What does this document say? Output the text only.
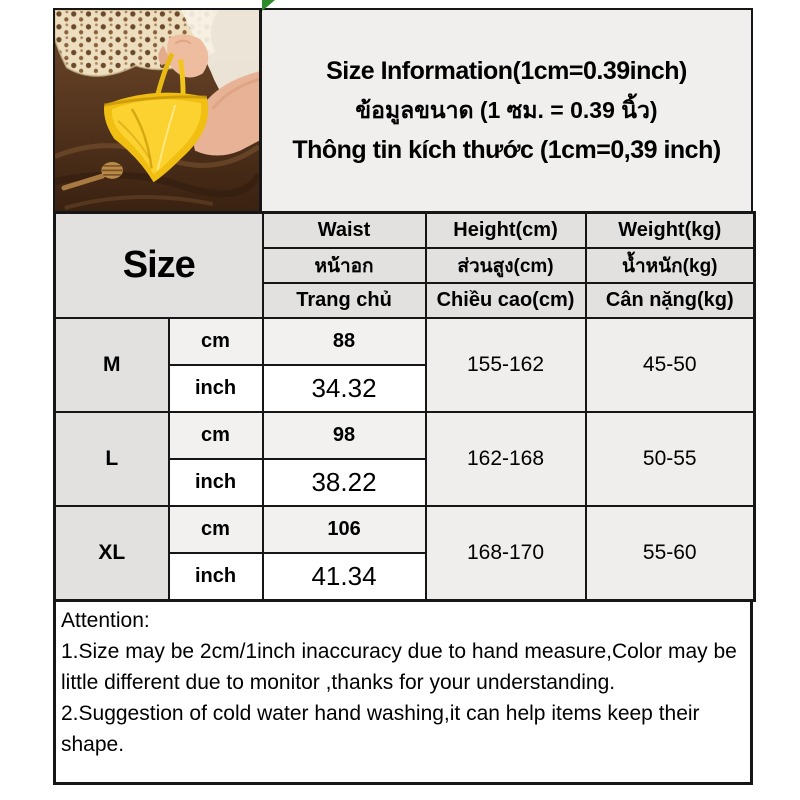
Size Information(1cm=0.39inch)
ข้อมูลขนาด (1 ซม. = 0.39 นิ้ว)
Thông tin kích thước (1cm=0,39 inch)
Size		Waist	Height(cm)	Weight(kg)
		หน้าอก	ส่วนสูง(cm)	น้ำหนัก(kg)
		Trang chủ	Chiều cao(cm)	Cân nặng(kg)
M	cm	88	155-162	45-50
	inch	34.32		
L	cm	98	162-168	50-55
	inch	38.22		
XL	cm	106	168-170	55-60
	inch	41.34		

Attention:

1.Size may be 2cm/1inch inaccuracy due to hand measure,Color may be little different due to monitor ,thanks for your understanding.

2.Suggestion of cold water hand washing,it can help items keep their shape.
